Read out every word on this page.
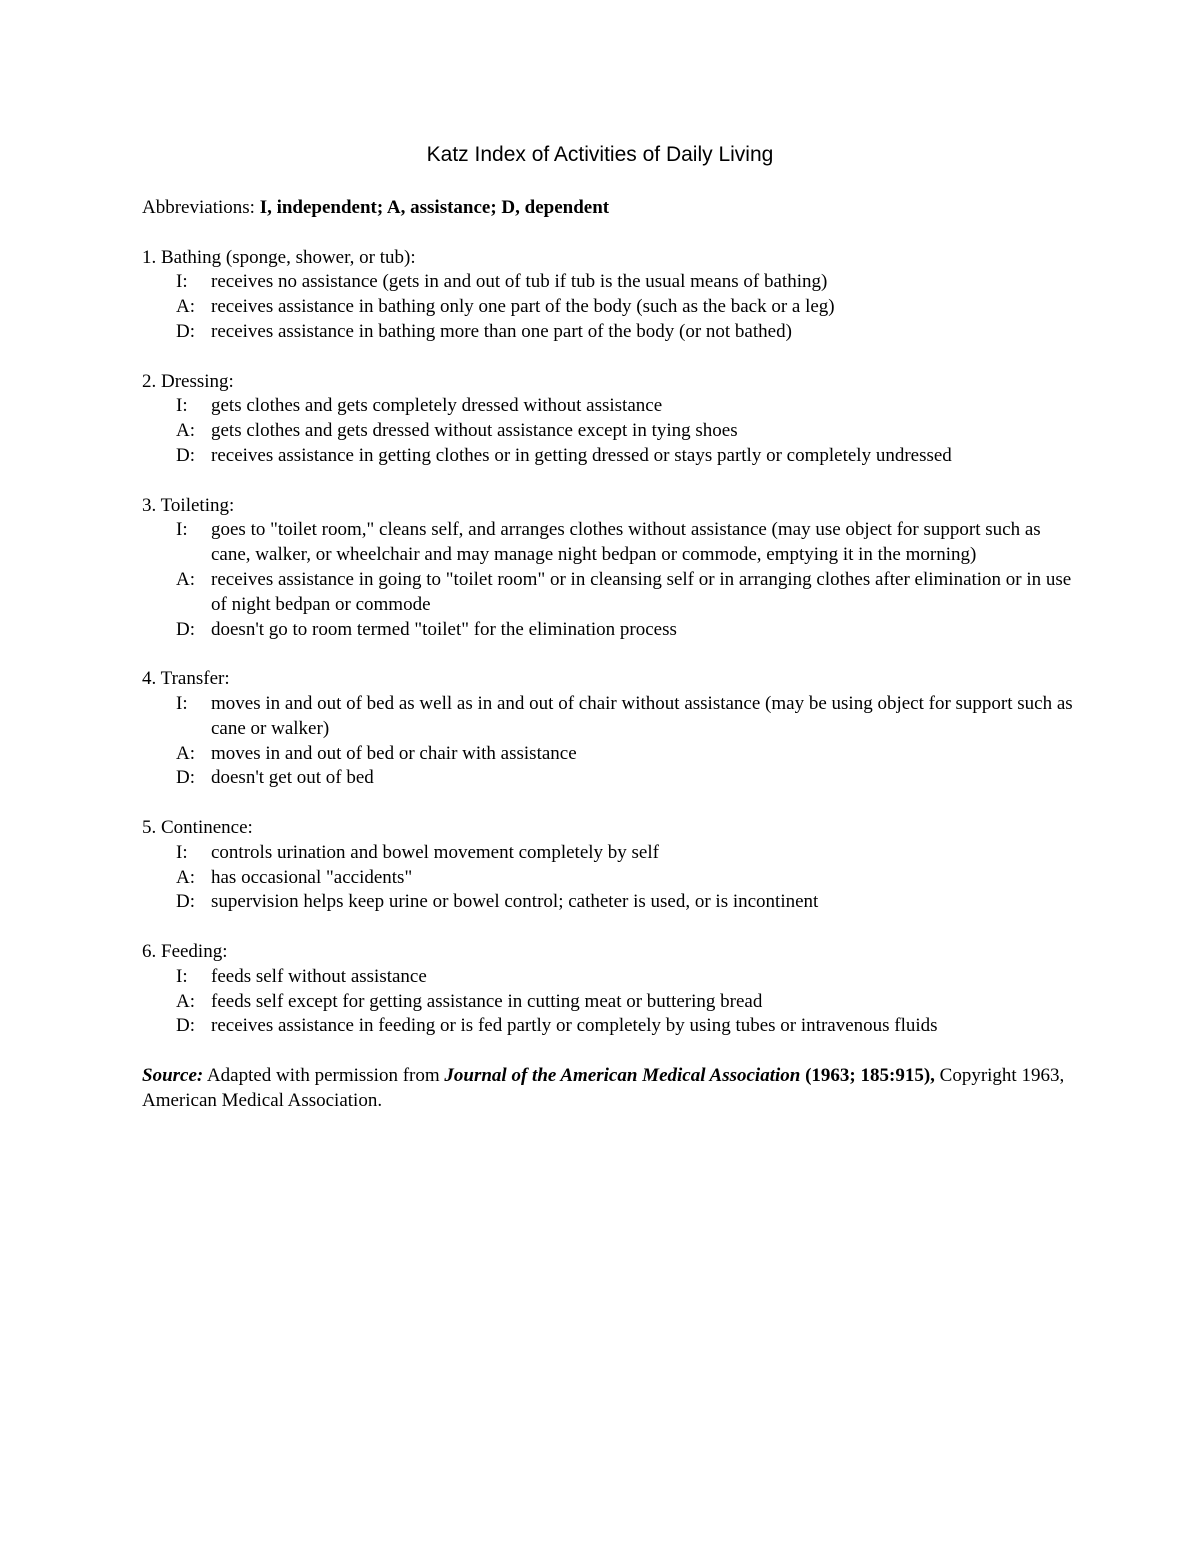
Katz Index of Activities of Daily Living

Abbreviations: I, independent; A, assistance; D, dependent

1. Bathing (sponge, shower, or tub):

I:	receives no assistance (gets in and out of tub if tub is the usual means of bathing)
A: receives assistance in bathing only one part of the body (such as the back or a leg)
D: receives assistance in bathing more than one part of the body (or not bathed)

2. Dressing:

I:	gets clothes and gets completely dressed without assistance
A: gets clothes and gets dressed without assistance except in tying shoes
D: receives assistance in getting clothes or in getting dressed or stays partly or completely undressed

3. Toileting:

I:	goes to "toilet room," cleans self, and arranges clothes without assistance (may use object for support such as cane, walker, or wheelchair and may manage night bedpan or commode, emptying it in the morning)
A: receives assistance in going to "toilet room" or in cleansing self or in arranging clothes after elimination or in use of night bedpan or commode
D: doesn't go to room termed "toilet" for the elimination process

4. Transfer:

I:	moves in and out of bed as well as in and out of chair without assistance (may be using object for support such as cane or walker)
A: moves in and out of bed or chair with assistance
D: doesn't get out of bed

5. Continence:

I:	controls urination and bowel movement completely by self
A: has occasional "accidents"
D: supervision helps keep urine or bowel control; catheter is used, or is incontinent

6. Feeding:

I:	feeds self without assistance
A: feeds self except for getting assistance in cutting meat or buttering bread
D: receives assistance in feeding or is fed partly or completely by using tubes or intravenous fluids

Source: Adapted with permission from Journal of the American Medical Association (1963; 185:915), Copyright 1963, American Medical Association.
